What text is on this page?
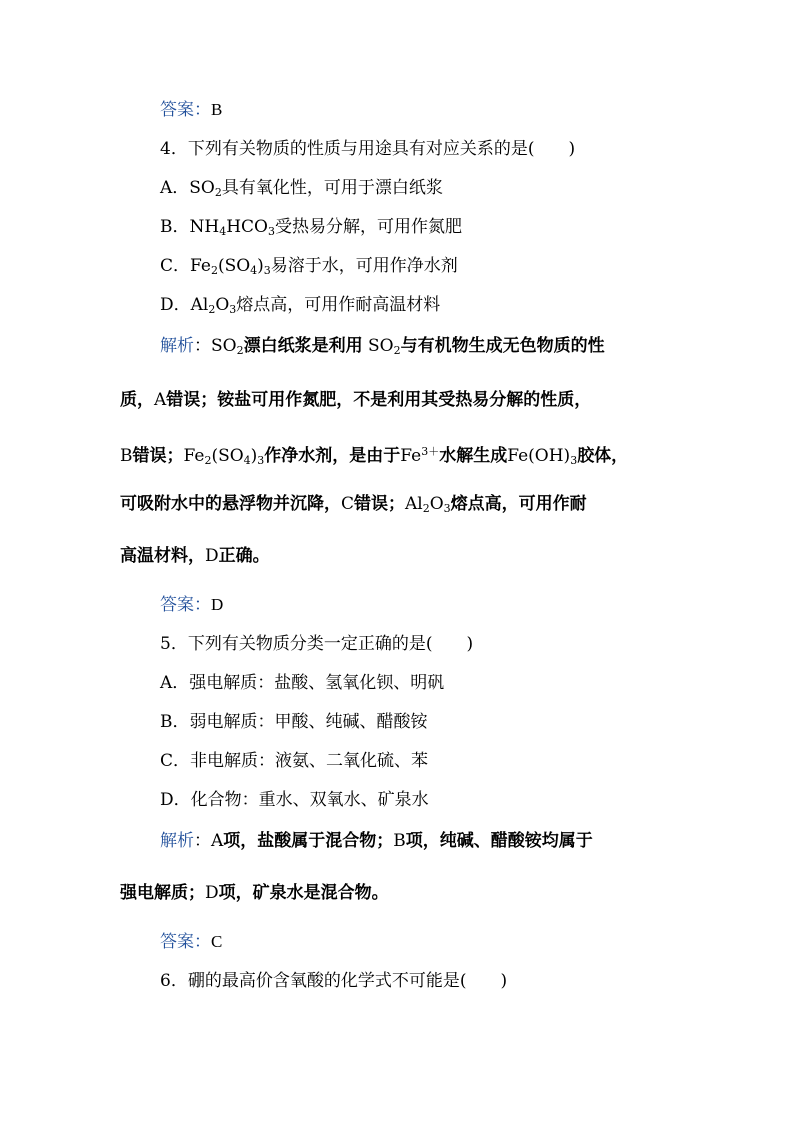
答案：B
4．下列有关物质的性质与用途具有对应关系的是(　　)
A．$SO_2$具有氧化性，可用于漂白纸浆
B．$NH_4HCO_3$受热易分解，可用作氮肥
C．$Fe_2(SO_4)_3$易溶于水，可用作净水剂
D．$Al_2O_3$熔点高，可用作耐高温材料
解析：$SO_2$漂白纸浆是利用 $SO_2$与有机物生成无色物质的性
质，A错误；铵盐可用作氮肥，不是利用其受热易分解的性质，
B错误；$Fe_2(SO_4)_3$作净水剂，是由于$Fe^{3+}$水解生成$Fe(OH)_3$胶体，
可吸附水中的悬浮物并沉降，C错误；$Al_2O_3$熔点高，可用作耐
高温材料，D正确。
答案：D
5．下列有关物质分类一定正确的是(　　)
A．强电解质：盐酸、氢氧化钡、明矾
B．弱电解质：甲酸、纯碱、醋酸铵
C．非电解质：液氨、二氧化硫、苯
D．化合物：重水、双氧水、矿泉水
解析：A项，盐酸属于混合物；B项，纯碱、醋酸铵均属于
强电解质；D项，矿泉水是混合物。
答案：C
6．硼的最高价含氧酸的化学式不可能是(　　)
